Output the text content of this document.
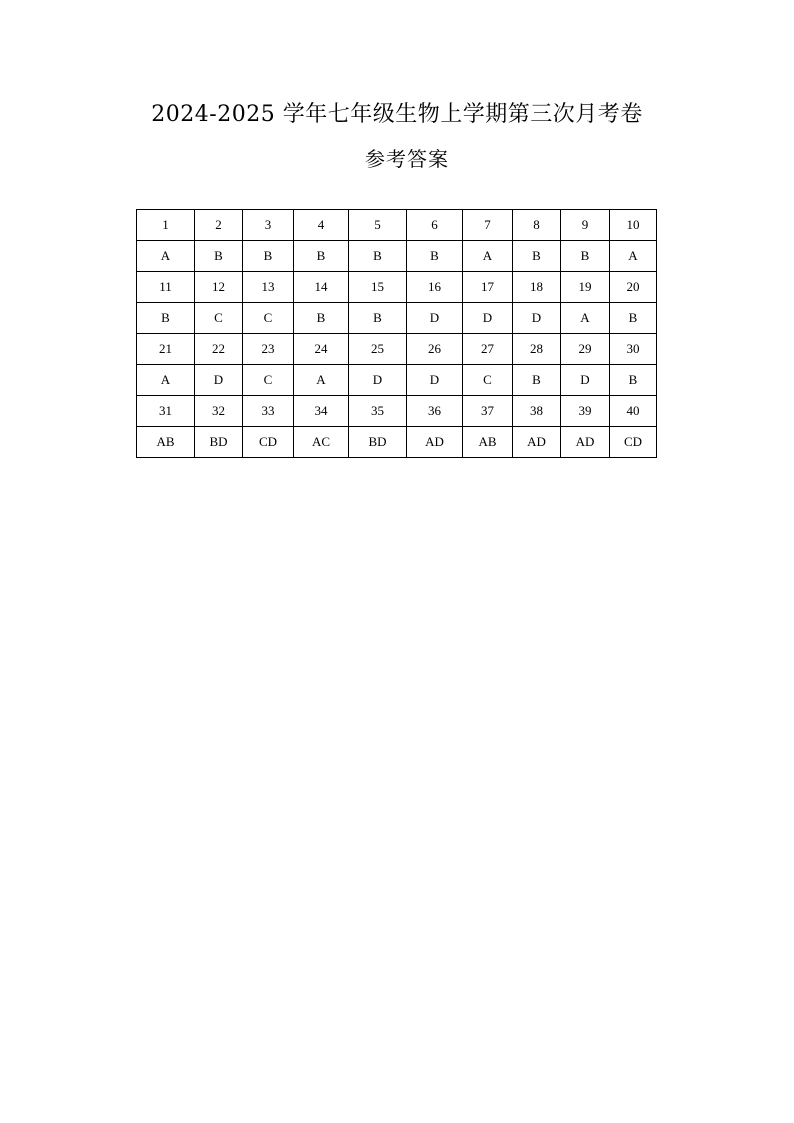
2024-2025 学年七年级生物上学期第三次月考卷
参考答案
1	2	3	4	5	6	7	8	9	10
A	B	B	B	B	B	A	B	B	A
11	12	13	14	15	16	17	18	19	20
B	C	C	B	B	D	D	D	A	B
21	22	23	24	25	26	27	28	29	30
A	D	C	A	D	D	C	B	D	B
31	32	33	34	35	36	37	38	39	40
AB	BD	CD	AC	BD	AD	AB	AD	AD	CD
